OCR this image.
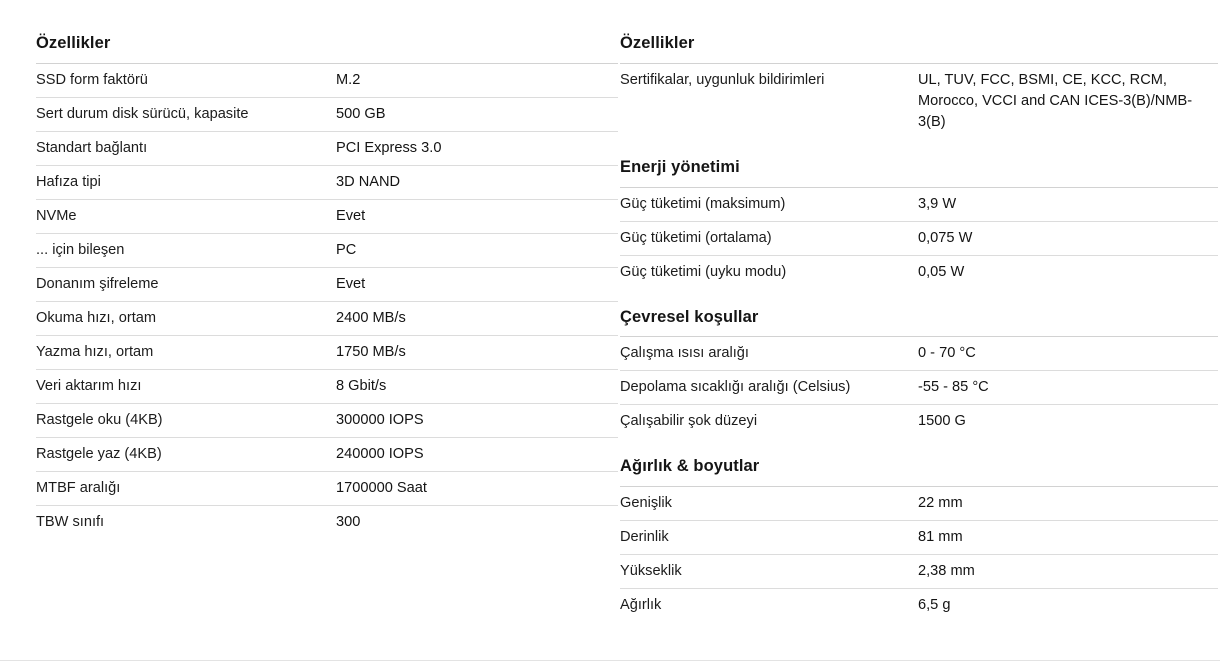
Özellikler
SSD form faktörü	M.2
Sert durum disk sürücü, kapasite	500 GB
Standart bağlantı	PCI Express 3.0
Hafıza tipi	3D NAND
NVMe	Evet
... için bileşen	PC
Donanım şifreleme	Evet
Okuma hızı, ortam	2400 MB/s
Yazma hızı, ortam	1750 MB/s
Veri aktarım hızı	8 Gbit/s
Rastgele oku (4KB)	300000 IOPS
Rastgele yaz (4KB)	240000 IOPS
MTBF aralığı	1700000 Saat
TBW sınıfı	300
Özellikler
Sertifikalar, uygunluk bildirimleri	UL, TUV, FCC, BSMI, CE, KCC, RCM, Morocco, VCCI and CAN ICES-3(B)/NMB-3(B)
Enerji yönetimi
Güç tüketimi (maksimum)	3,9 W
Güç tüketimi (ortalama)	0,075 W
Güç tüketimi (uyku modu)	0,05 W
Çevresel koşullar
Çalışma ısısı aralığı	0 - 70 °C
Depolama sıcaklığı aralığı (Celsius)	-55 - 85 °C
Çalışabilir şok düzeyi	1500 G
Ağırlık & boyutlar
Genişlik	22 mm
Derinlik	81 mm
Yükseklik	2,38 mm
Ağırlık	6,5 g
